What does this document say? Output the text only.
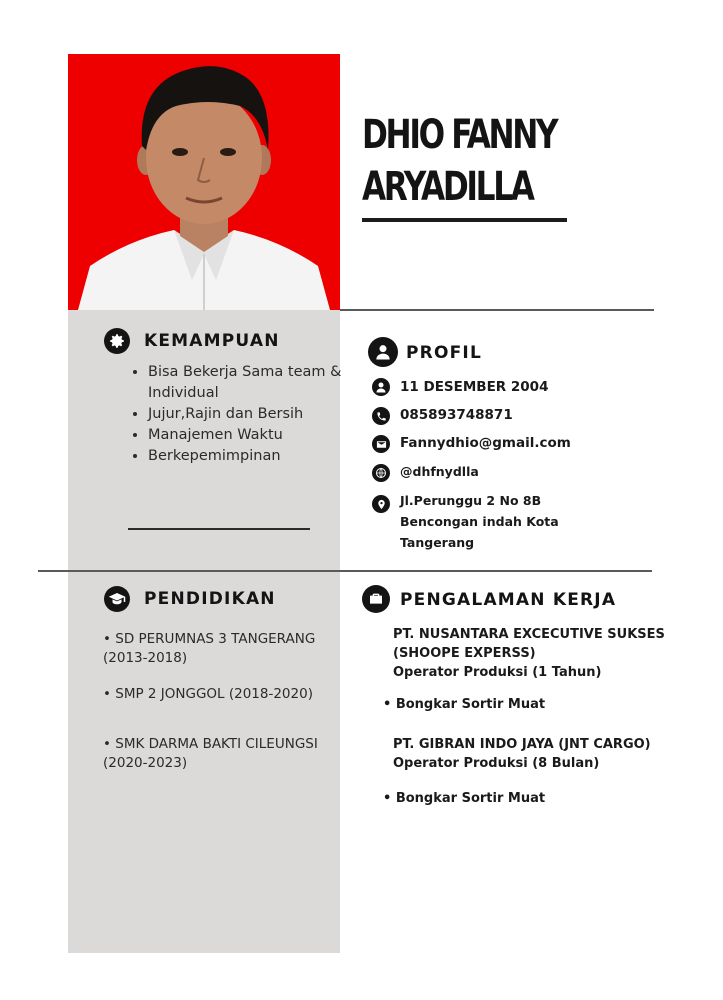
DHIO FANNY
ARYADILLA
KEMAMPUAN
• Bisa Bekerja Sama team & Individual
• Jujur,Rajin dan Bersih
• Manajemen Waktu
• Berkepemimpinan
PENDIDIKAN
• SD PERUMNAS 3 TANGERANG (2013-2018)
• SMP 2 JONGGOL (2018-2020)
• SMK DARMA BAKTI CILEUNGSI (2020-2023)
PROFIL
11 DESEMBER 2004
085893748871
Fannydhio@gmail.com
@dhfnydlla
Jl.Perunggu 2 No 8B
Bencongan indah Kota
Tangerang
PENGALAMAN KERJA
PT. NUSANTARA EXCECUTIVE SUKSES
(SHOOPE EXPERSS)
Operator Produksi (1 Tahun)
• Bongkar Sortir Muat
PT. GIBRAN INDO JAYA (JNT CARGO)
Operator Produksi (8 Bulan)
• Bongkar Sortir Muat
